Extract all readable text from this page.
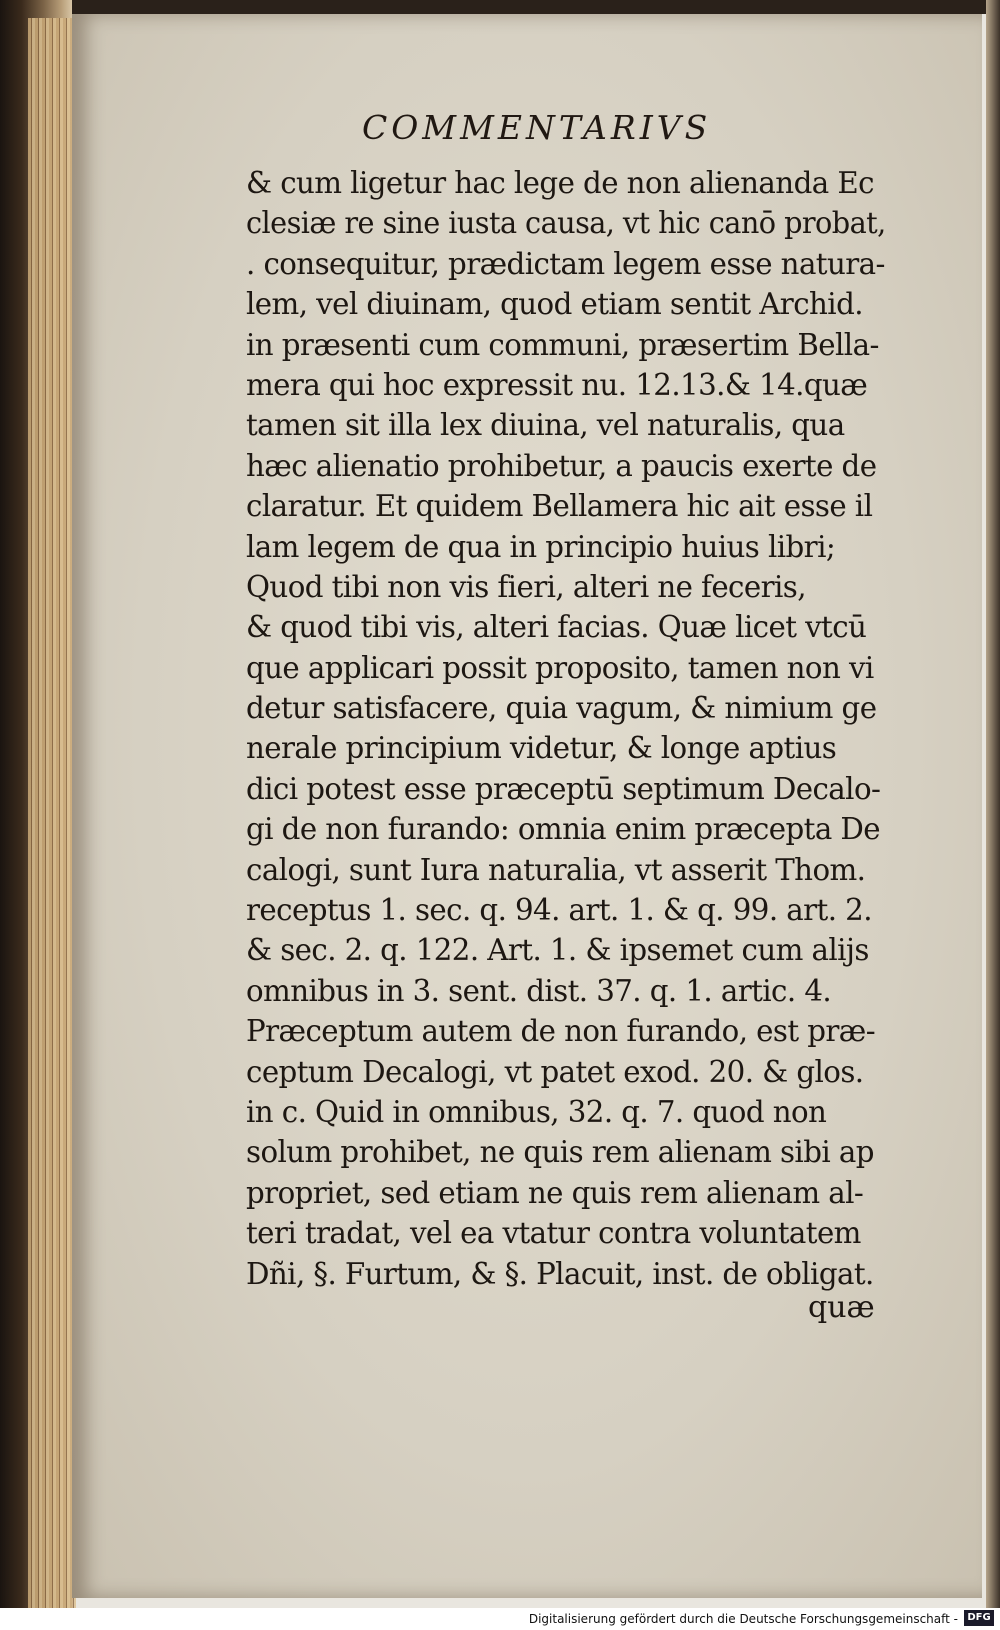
COMMENTARIVS
& cum ligetur hac lege de non alienanda Ec
clesiæ re sine iusta causa, vt hic canō probat,
. consequitur, prædictam legem esse natura-
lem, vel diuinam, quod etiam sentit Archid.
in præsenti cum communi, præsertim Bella-
mera qui hoc expressit nu. 12.13.& 14.quæ
tamen sit illa lex diuina, vel naturalis, qua
hæc alienatio prohibetur, a paucis exerte de
claratur. Et quidem Bellamera hic ait esse il
lam legem de qua in principio huius libri;
Quod tibi non vis fieri, alteri ne feceris,
& quod tibi vis, alteri facias. Quæ licet vtcū
que applicari possit proposito, tamen non vi
detur satisfacere, quia vagum, & nimium ge
nerale principium videtur, & longe aptius
dici potest esse præceptū septimum Decalo-
gi de non furando: omnia enim præcepta De
calogi, sunt Iura naturalia, vt asserit Thom.
receptus 1. sec. q. 94. art. 1. & q. 99. art. 2.
& sec. 2. q. 122. Art. 1. & ipsemet cum alijs
omnibus in 3. sent. dist. 37. q. 1. artic. 4.
Præceptum autem de non furando, est præ-
ceptum Decalogi, vt patet exod. 20. & glos.
in c. Quid in omnibus, 32. q. 7. quod non
solum prohibet, ne quis rem alienam sibi ap
propriet, sed etiam ne quis rem alienam al-
teri tradat, vel ea vtatur contra voluntatem
Dñi, §. Furtum, & §. Placuit, inst. de obligat.
quæ
Digitalisierung gefördert durch die Deutsche Forschungsgemeinschaft - DFG
